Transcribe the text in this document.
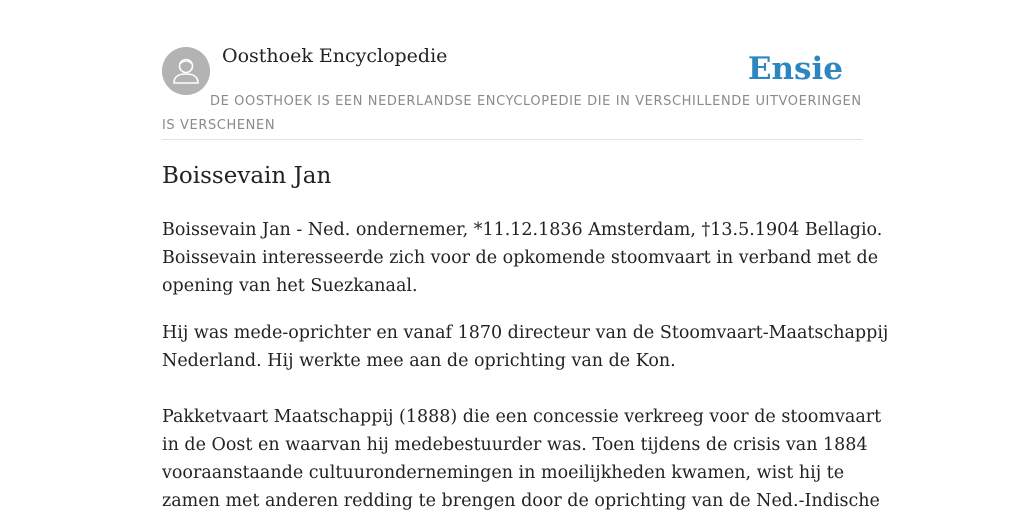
Oosthoek Encyclopedie	Ensie

DE OOSTHOEK IS EEN NEDERLANDSE ENCYCLOPEDIE DIE IN VERSCHILLENDE UITVOERINGEN IS VERSCHENEN

Boissevain Jan

Boissevain Jan - Ned. ondernemer, *11.12.1836 Amsterdam, †13.5.1904 Bellagio.

Boissevain interesseerde zich voor de opkomende stoomvaart in verband met de

opening van het Suezkanaal.

Hij was mede-oprichter en vanaf 1870 directeur van de Stoomvaart-Maatschappij

Nederland. Hij werkte mee aan de oprichting van de Kon.

Pakketvaart Maatschappij (1888) die een concessie verkreeg voor de stoomvaart

in de Oost en waarvan hij medebestuurder was. Toen tijdens de crisis van 1884

vooraanstaande cultuurondernemingen in moeilijkheden kwamen, wist hij te

zamen met anderen redding te brengen door de oprichting van de Ned.-Indische
